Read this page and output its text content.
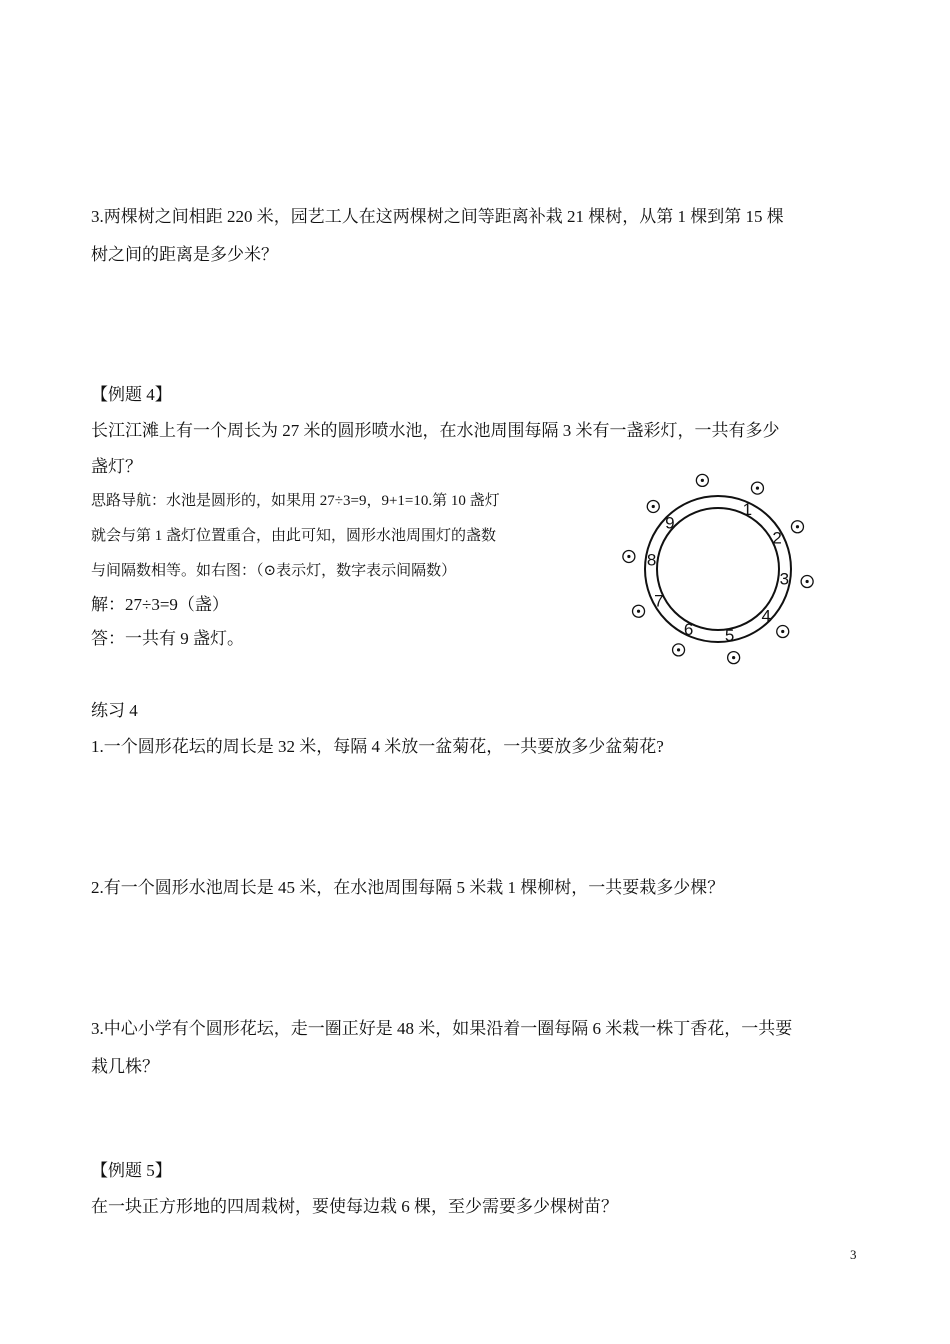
3.两棵树之间相距 220 米，园艺工人在这两棵树之间等距离补栽 21 棵树，从第 1 棵到第 15 棵
树之间的距离是多少米？
【例题 4】
长江江滩上有一个周长为 27 米的圆形喷水池，在水池周围每隔 3 米有一盏彩灯，一共有多少
盏灯？
思路导航：水池是圆形的，如果用 27÷3=9，9+1=10.第 10 盏灯
就会与第 1 盏灯位置重合，由此可知，圆形水池周围灯的盏数
与间隔数相等。如右图：（⊙表示灯，数字表示间隔数）
解：27÷3=9（盏）
答：一共有 9 盏灯。
1
2
3
4
5
6
7
8
9
练习 4
1.一个圆形花坛的周长是 32 米，每隔 4 米放一盆菊花，一共要放多少盆菊花?
2.有一个圆形水池周长是 45 米，在水池周围每隔 5 米栽 1 棵柳树，一共要栽多少棵？
3.中心小学有个圆形花坛，走一圈正好是 48 米，如果沿着一圈每隔 6 米栽一株丁香花，一共要
栽几株？
【例题 5】
在一块正方形地的四周栽树，要使每边栽 6 棵，至少需要多少棵树苗？
3
